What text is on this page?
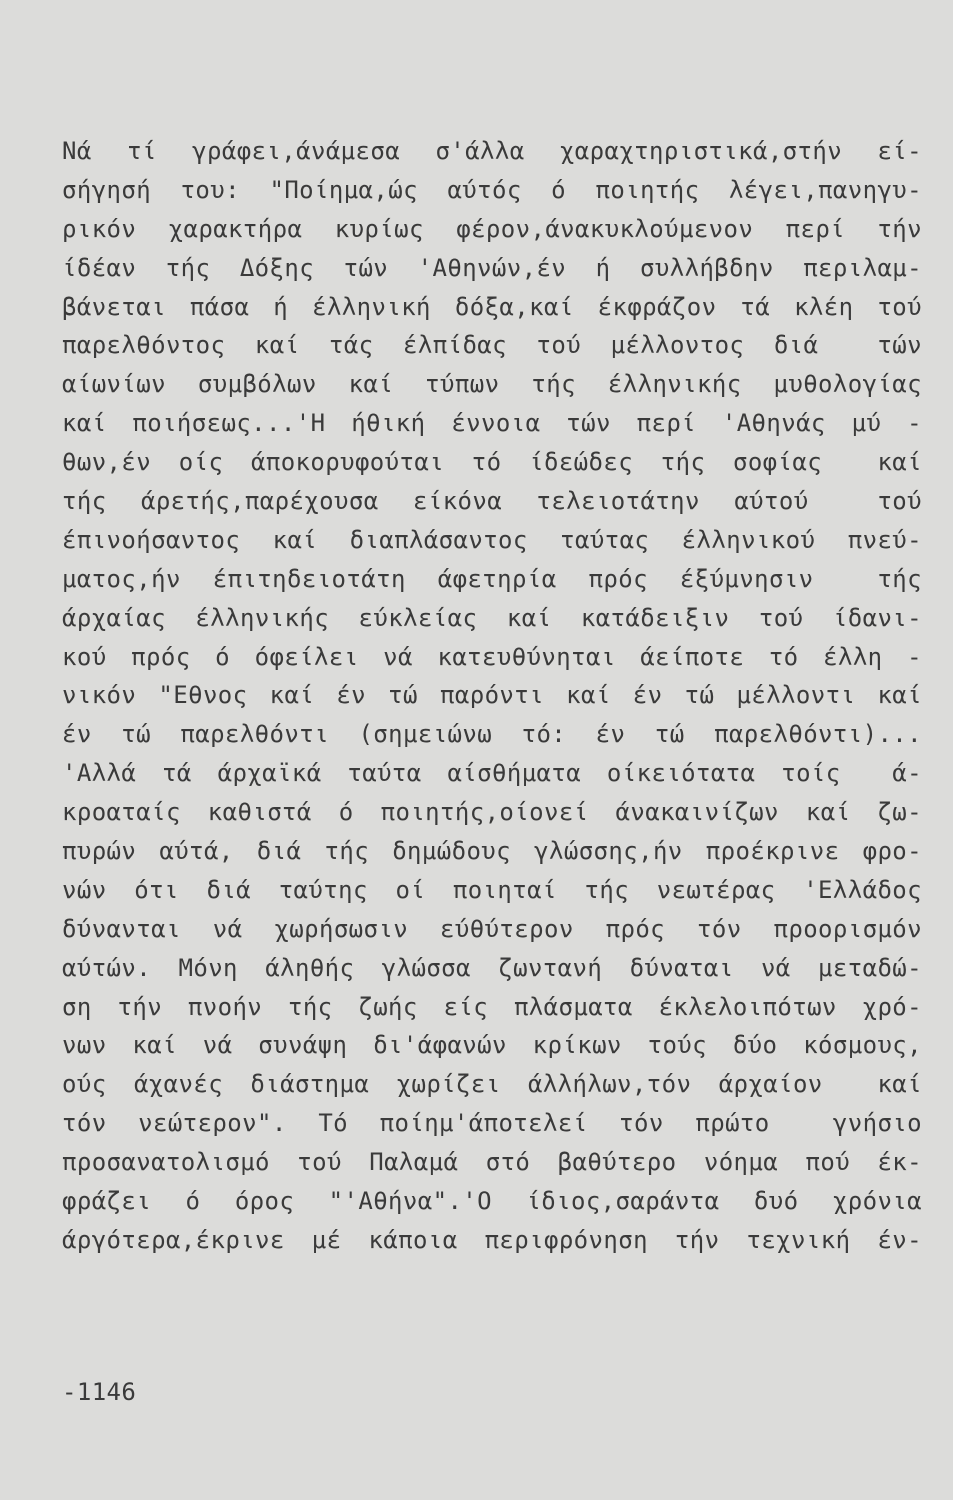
Νά τί γράφει,άνάμεσα σ'άλλα χαραχτηριστικά,στήν εί-
σήγησή του: "Ποίημα,ώς αύτός ό ποιητής λέγει,πανηγυ-
ρικόν χαρακτήρα κυρίως φέρον,άνακυκλούμενον περί τήν
ίδέαν τής Δόξης τών 'Αθηνών,έν ή συλλήβδην περιλαμ-
βάνεται πάσα ή έλληνική δόξα,καί έκφράζον τά κλέη τού
παρελθόντος καί τάς έλπίδας τού μέλλοντος διά  τών
αίωνίων συμβόλων καί τύπων τής έλληνικής μυθολογίας
καί ποιήσεως...'Η ήθική έννοια τών περί 'Αθηνάς μύ -
θων,έν οίς άποκορυφούται τό ίδεώδες τής σοφίας  καί
τής άρετής,παρέχουσα είκόνα τελειοτάτην αύτού  τού
έπινοήσαντος καί διαπλάσαντος ταύτας έλληνικού πνεύ-
ματος,ήν έπιτηδειοτάτη άφετηρία πρός έξύμνησιν  τής
άρχαίας έλληνικής εύκλείας καί κατάδειξιν τού ίδανι-
κού πρός ό όφείλει νά κατευθύνηται άείποτε τό έλλη -
νικόν "Εθνος καί έν τώ παρόντι καί έν τώ μέλλοντι καί
έν τώ παρελθόντι (σημειώνω τό: έν τώ παρελθόντι)...
'Αλλά τά άρχαϊκά ταύτα αίσθήματα οίκειότατα τοίς  ά-
κροαταίς καθιστά ό ποιητής,οίονεί άνακαινίζων καί ζω-
πυρών αύτά, διά τής δημώδους γλώσσης,ήν προέκρινε φρο-
νών ότι διά ταύτης οί ποιηταί τής νεωτέρας 'Ελλάδος
δύνανται νά χωρήσωσιν εύθύτερον πρός τόν προορισμόν
αύτών. Μόνη άληθής γλώσσα ζωντανή δύναται νά μεταδώ-
ση τήν πνοήν τής ζωής είς πλάσματα έκλελοιπότων χρό-
νων καί νά συνάψη δι'άφανών κρίκων τούς δύο κόσμους,
ούς άχανές διάστημα χωρίζει άλλήλων,τόν άρχαίον  καί
τόν νεώτερον". Τό ποίημ'άποτελεί τόν πρώτο  γνήσιο
προσανατολισμό τού Παλαμά στό βαθύτερο νόημα πού έκ-
φράζει ό όρος "'Αθήνα".'Ο ίδιος,σαράντα δυό χρόνια
άργότερα,έκρινε μέ κάποια περιφρόνηση τήν τεχνική έν-
-1146
